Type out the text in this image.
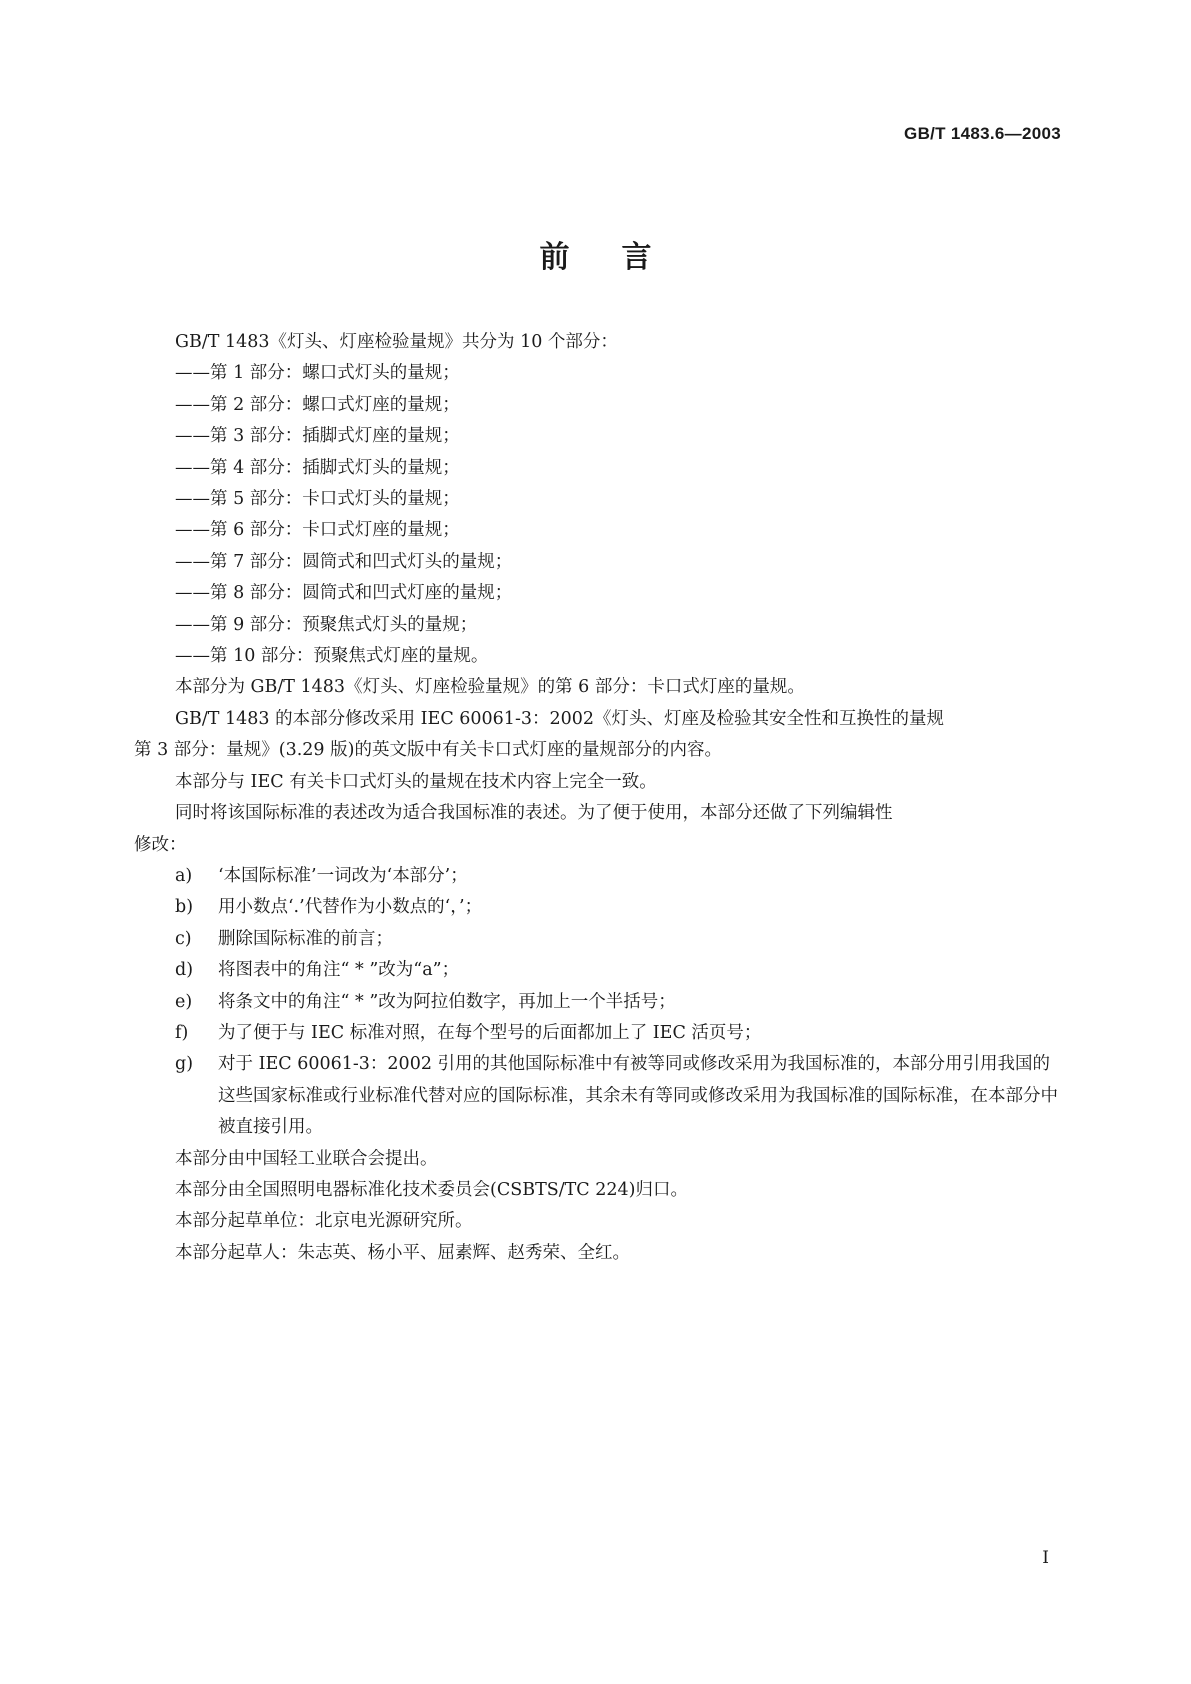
GB/T 1483.6—2003
前言

GB/T 1483《灯头、灯座检验量规》共分为 10 个部分：

——第 1 部分：螺口式灯头的量规；

——第 2 部分：螺口式灯座的量规；

——第 3 部分：插脚式灯座的量规；

——第 4 部分：插脚式灯头的量规；

——第 5 部分：卡口式灯头的量规；

——第 6 部分：卡口式灯座的量规；

——第 7 部分：圆筒式和凹式灯头的量规；

——第 8 部分：圆筒式和凹式灯座的量规；

——第 9 部分：预聚焦式灯头的量规；

——第 10 部分：预聚焦式灯座的量规。

本部分为 GB/T 1483《灯头、灯座检验量规》的第 6 部分：卡口式灯座的量规。

GB/T 1483 的本部分修改采用 IEC 60061-3：2002《灯头、灯座及检验其安全性和互换性的量规

第 3 部分：量规》(3.29 版)的英文版中有关卡口式灯座的量规部分的内容。

本部分与 IEC 有关卡口式灯头的量规在技术内容上完全一致。

同时将该国际标准的表述改为适合我国标准的表述。为了便于使用，本部分还做了下列编辑性

修改：

a) ‘本国际标准’一词改为‘本部分’；
b) 用小数点‘.’代替作为小数点的‘，’；
c) 删除国际标准的前言；
d) 将图表中的角注“ * ”改为“a”；
e) 将条文中的角注“ * ”改为阿拉伯数字，再加上一个半括号；
f) 为了便于与 IEC 标准对照，在每个型号的后面都加上了 IEC 活页号；
g) 对于 IEC 60061-3：2002 引用的其他国际标准中有被等同或修改采用为我国标准的，本部分用引用我国的这些国家标准或行业标准代替对应的国际标准，其余未有等同或修改采用为我国标准的国际标准，在本部分中被直接引用。

本部分由中国轻工业联合会提出。

本部分由全国照明电器标准化技术委员会(CSBTS/TC 224)归口。

本部分起草单位：北京电光源研究所。

本部分起草人：朱志英、杨小平、屈素辉、赵秀荣、全红。

I
